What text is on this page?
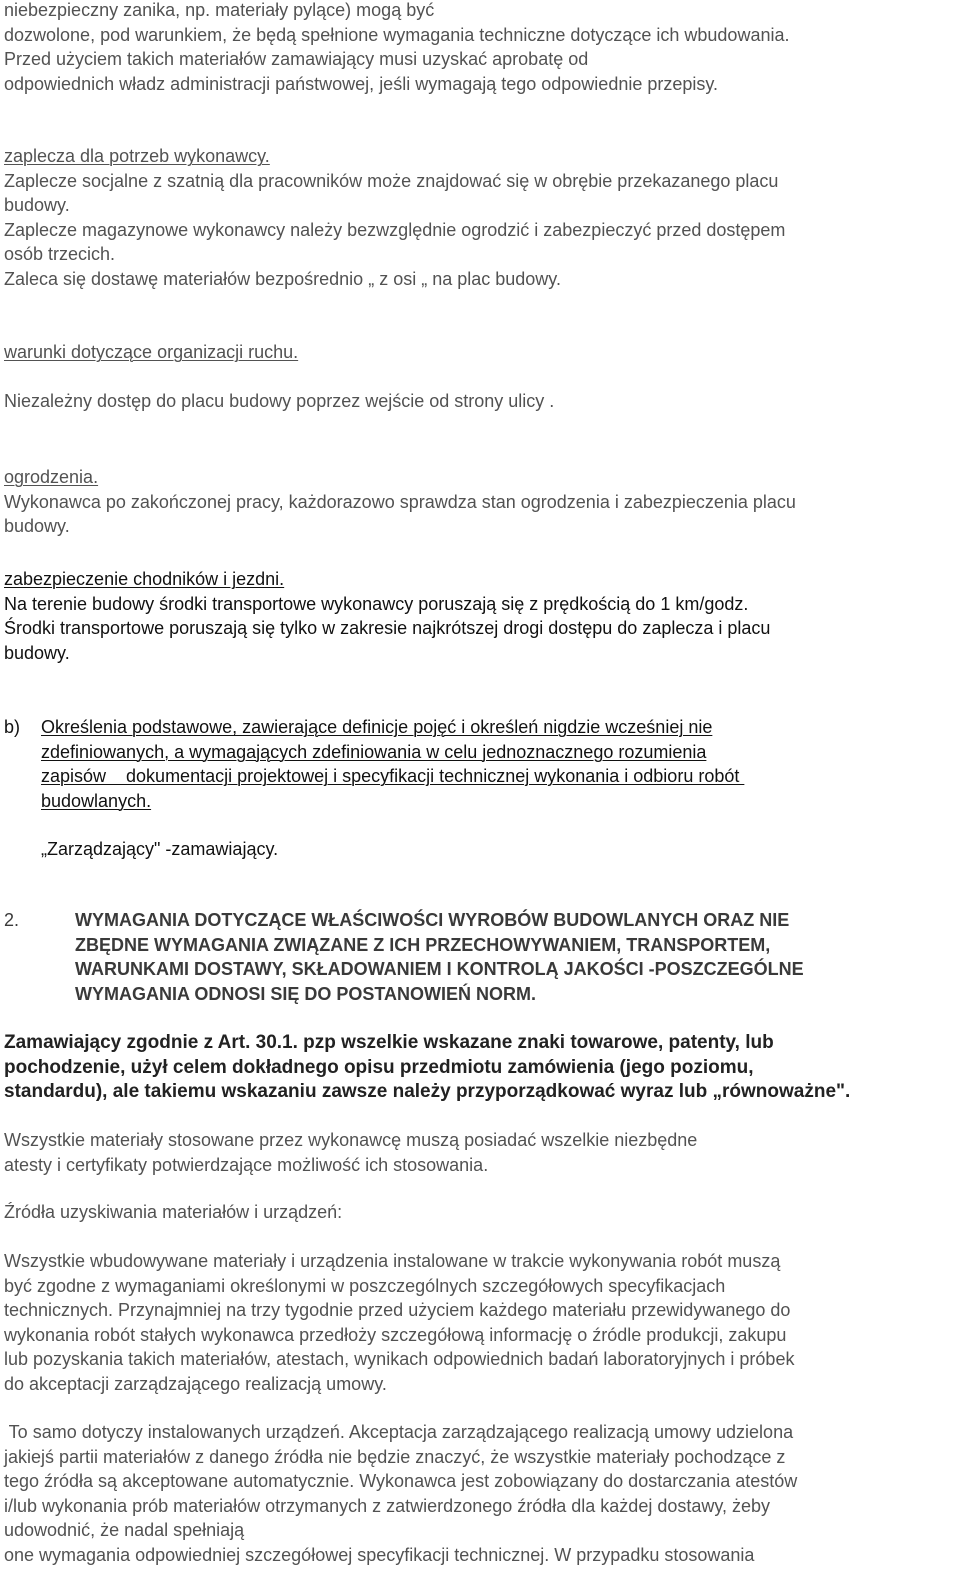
niebezpieczny zanika, np. materiały pylące) mogą być
dozwolone, pod warunkiem, że będą spełnione wymagania techniczne dotyczące ich wbudowania.
Przed użyciem takich materiałów zamawiający musi uzyskać aprobatę od
odpowiednich władz administracji państwowej, jeśli wymagają tego odpowiednie przepisy.
zaplecza dla potrzeb wykonawcy.
Zaplecze socjalne z szatnią dla pracowników może znajdować się w obrębie przekazanego placu
budowy.
Zaplecze magazynowe wykonawcy należy bezwzględnie ogrodzić i zabezpieczyć przed dostępem
osób trzecich.
Zaleca się dostawę materiałów bezpośrednio „ z osi „ na plac budowy.
warunki dotyczące organizacji ruchu.
Niezależny dostęp do placu budowy poprzez wejście od strony ulicy .
ogrodzenia.
Wykonawca po zakończonej pracy, każdorazowo sprawdza stan ogrodzenia i zabezpieczenia placu
budowy.
zabezpieczenie chodników i jezdni.
Na terenie budowy środki transportowe wykonawcy poruszają się z prędkością do 1 km/godz.
Środki transportowe poruszają się tylko w zakresie najkrótszej drogi dostępu do zaplecza i placu
budowy.
b) Określenia podstawowe, zawierające definicje pojęć i określeń nigdzie wcześniej nie
zdefiniowanych, a wymagających zdefiniowania w celu jednoznacznego rozumienia
zapisów    dokumentacji projektowej i specyfikacji technicznej wykonania i odbioru robót
budowlanych.
„Zarządzający" -zamawiający.
2.	WYMAGANIA DOTYCZĄCE WŁAŚCIWOŚCI WYROBÓW BUDOWLANYCH ORAZ NIE
ZBĘDNE WYMAGANIA ZWIĄZANE Z ICH PRZECHOWYWANIEM, TRANSPORTEM,
WARUNKAMI DOSTAWY, SKŁADOWANIEM I KONTROLĄ JAKOŚCI -POSZCZEGÓLNE
WYMAGANIA ODNOSI SIĘ DO POSTANOWIEŃ NORM.
Zamawiający zgodnie z Art. 30.1. pzp wszelkie wskazane znaki towarowe, patenty, lub
pochodzenie, użył celem dokładnego opisu przedmiotu zamówienia (jego poziomu,
standardu), ale takiemu wskazaniu zawsze należy przyporządkować wyraz lub „równoważne".
Wszystkie materiały stosowane przez wykonawcę muszą posiadać wszelkie niezbędne
atesty i certyfikaty potwierdzające możliwość ich stosowania.
Źródła uzyskiwania materiałów i urządzeń:
Wszystkie wbudowywane materiały i urządzenia instalowane w trakcie wykonywania robót muszą
być zgodne z wymaganiami określonymi w poszczególnych szczegółowych specyfikacjach
technicznych. Przynajmniej na trzy tygodnie przed użyciem każdego materiału przewidywanego do
wykonania robót stałych wykonawca przedłoży szczegółową informację o źródle produkcji, zakupu
lub pozyskania takich materiałów, atestach, wynikach odpowiednich badań laboratoryjnych i próbek
do akceptacji zarządzającego realizacją umowy.
To samo dotyczy instalowanych urządzeń. Akceptacja zarządzającego realizacją umowy udzielona
jakiejś partii materiałów z danego źródła nie będzie znaczyć, że wszystkie materiały pochodzące z
tego źródła są akceptowane automatycznie. Wykonawca jest zobowiązany do dostarczania atestów
i/lub wykonania prób materiałów otrzymanych z zatwierdzonego źródła dla każdej dostawy, żeby
udowodnić, że nadal spełniają
one wymagania odpowiedniej szczegółowej specyfikacji technicznej. W przypadku stosowania
